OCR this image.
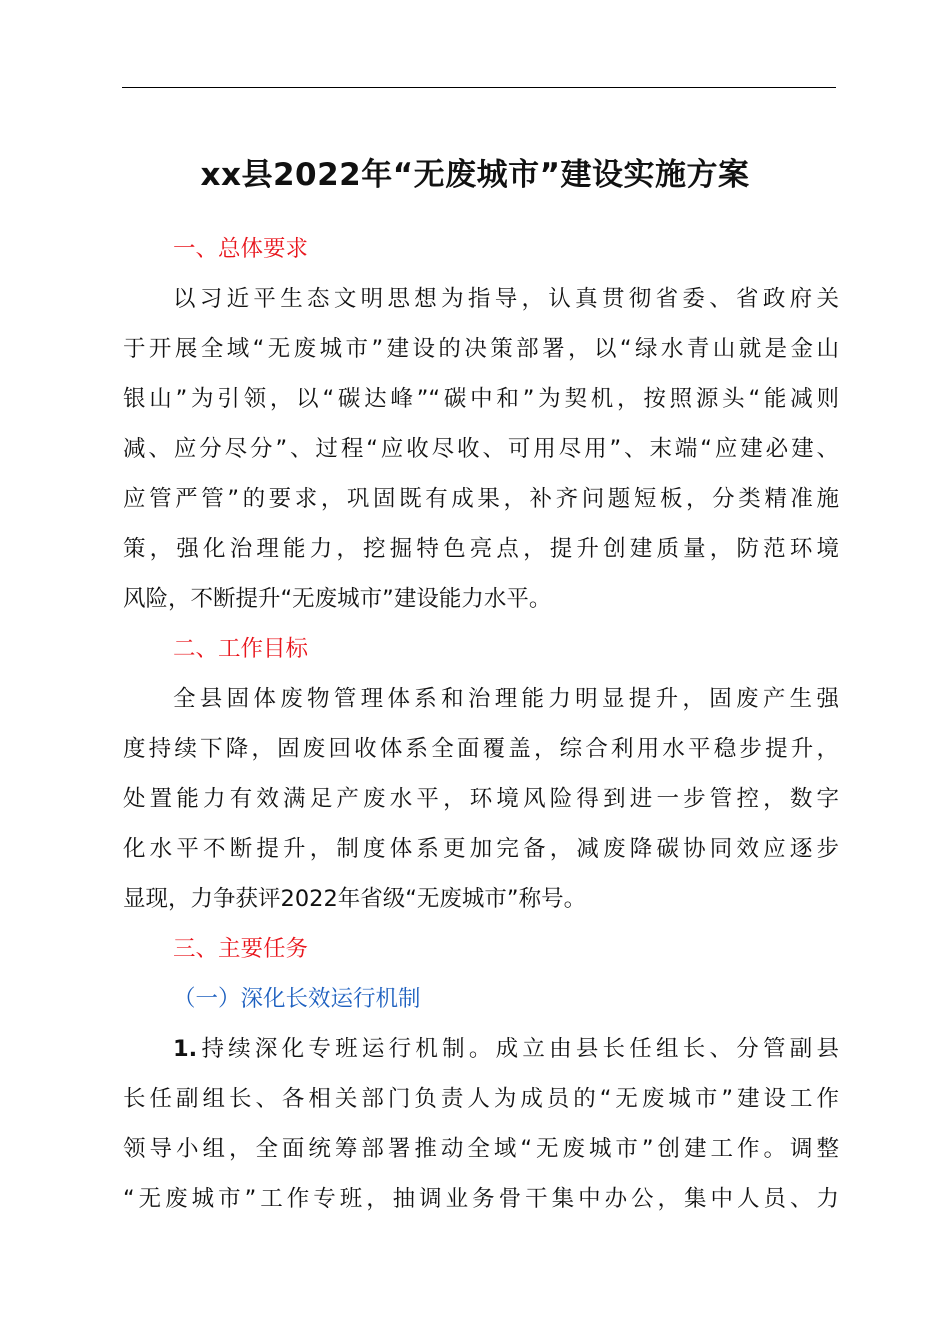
xx县2022年“无废城市”建设实施方案
一、总体要求
以习近平生态文明思想为指导，认真贯彻省委、省政府关
于开展全域“无废城市”建设的决策部署，以“绿水青山就是金山
银山”为引领，以“碳达峰”“碳中和”为契机，按照源头“能减则
减、应分尽分”、过程“应收尽收、可用尽用”、末端“应建必建、
应管严管”的要求，巩固既有成果，补齐问题短板，分类精准施
策，强化治理能力，挖掘特色亮点，提升创建质量，防范环境
风险，不断提升“无废城市”建设能力水平。
二、工作目标
全县固体废物管理体系和治理能力明显提升，固废产生强
度持续下降，固废回收体系全面覆盖，综合利用水平稳步提升，
处置能力有效满足产废水平，环境风险得到进一步管控，数字
化水平不断提升，制度体系更加完备，减废降碳协同效应逐步
显现，力争获评2022年省级“无废城市”称号。
三、主要任务
（一）深化长效运行机制
1.持续深化专班运行机制。成立由县长任组长、分管副县
长任副组长、各相关部门负责人为成员的“无废城市”建设工作
领导小组，全面统筹部署推动全域“无废城市”创建工作。调整
“无废城市”工作专班，抽调业务骨干集中办公，集中人员、力
